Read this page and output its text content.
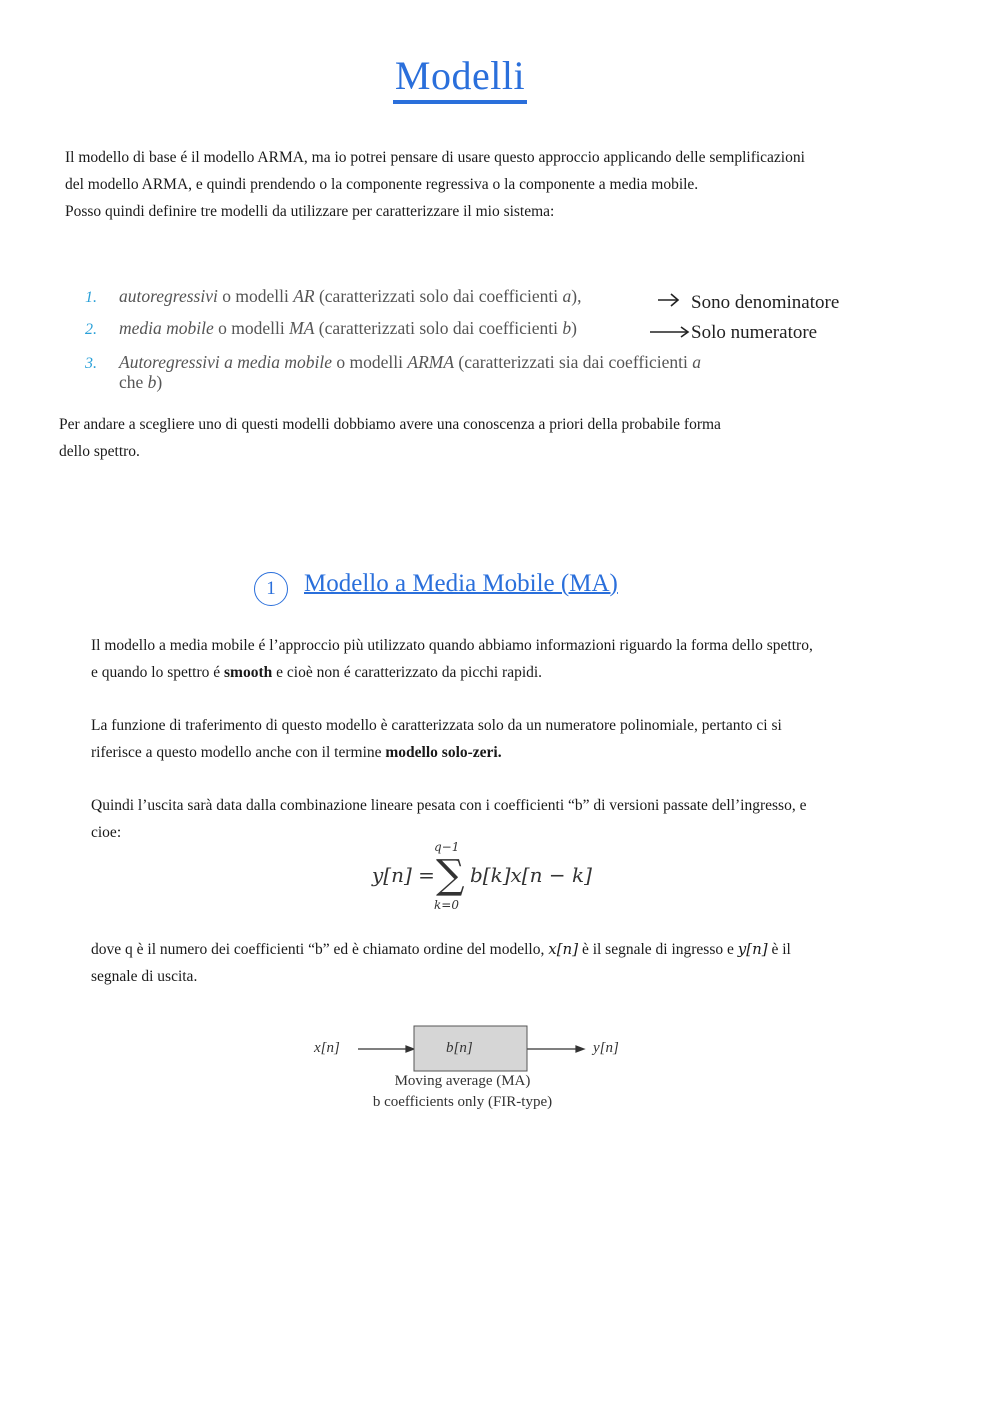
Modelli

Il modello di base é il modello ARMA, ma io potrei pensare di usare questo approccio applicando delle semplificazioni

del modello ARMA, e quindi prendendo o la componente regressiva o la componente a media mobile.

Posso quindi definire tre modelli da utilizzare per caratterizzare il mio sistema:

1. autoregressivi o modelli AR (caratterizzati solo dai coefficienti a),
2. media mobile o modelli MA (caratterizzati solo dai coefficienti b)
3. Autoregressivi a media mobile o modelli ARMA (caratterizzati sia dai coefficienti a
che b)
Sono denominatore
Solo numeratore

Per andare a scegliere uno di questi modelli dobbiamo avere una conoscenza a priori della probabile forma

dello spettro.

1	Modello a Media Mobile (MA)

Il modello a media mobile é l’approccio più utilizzato quando abbiamo informazioni riguardo la forma dello spettro,

e quando lo spettro é smooth e cioè non é caratterizzato da picchi rapidi.

La funzione di traferimento di questo modello è caratterizzata solo da un numeratore polinomiale, pertanto ci si

riferisce a questo modello anche con il termine modello solo-zeri.

Quindi l’uscita sarà data dalla combinazione lineare pesata con i coefficienti “b” di versioni passate dell’ingresso, e

cioe:

y[n] =
q−1
∑
k=0
b[k]x[n − k]

dove q è il numero dei coefficienti “b” ed è chiamato ordine del modello, x[n] è il segnale di ingresso e y[n] è il

segnale di uscita.

x[n]	b[n]	y[n]
Moving average (MA)
b coefficients only (FIR-type)
